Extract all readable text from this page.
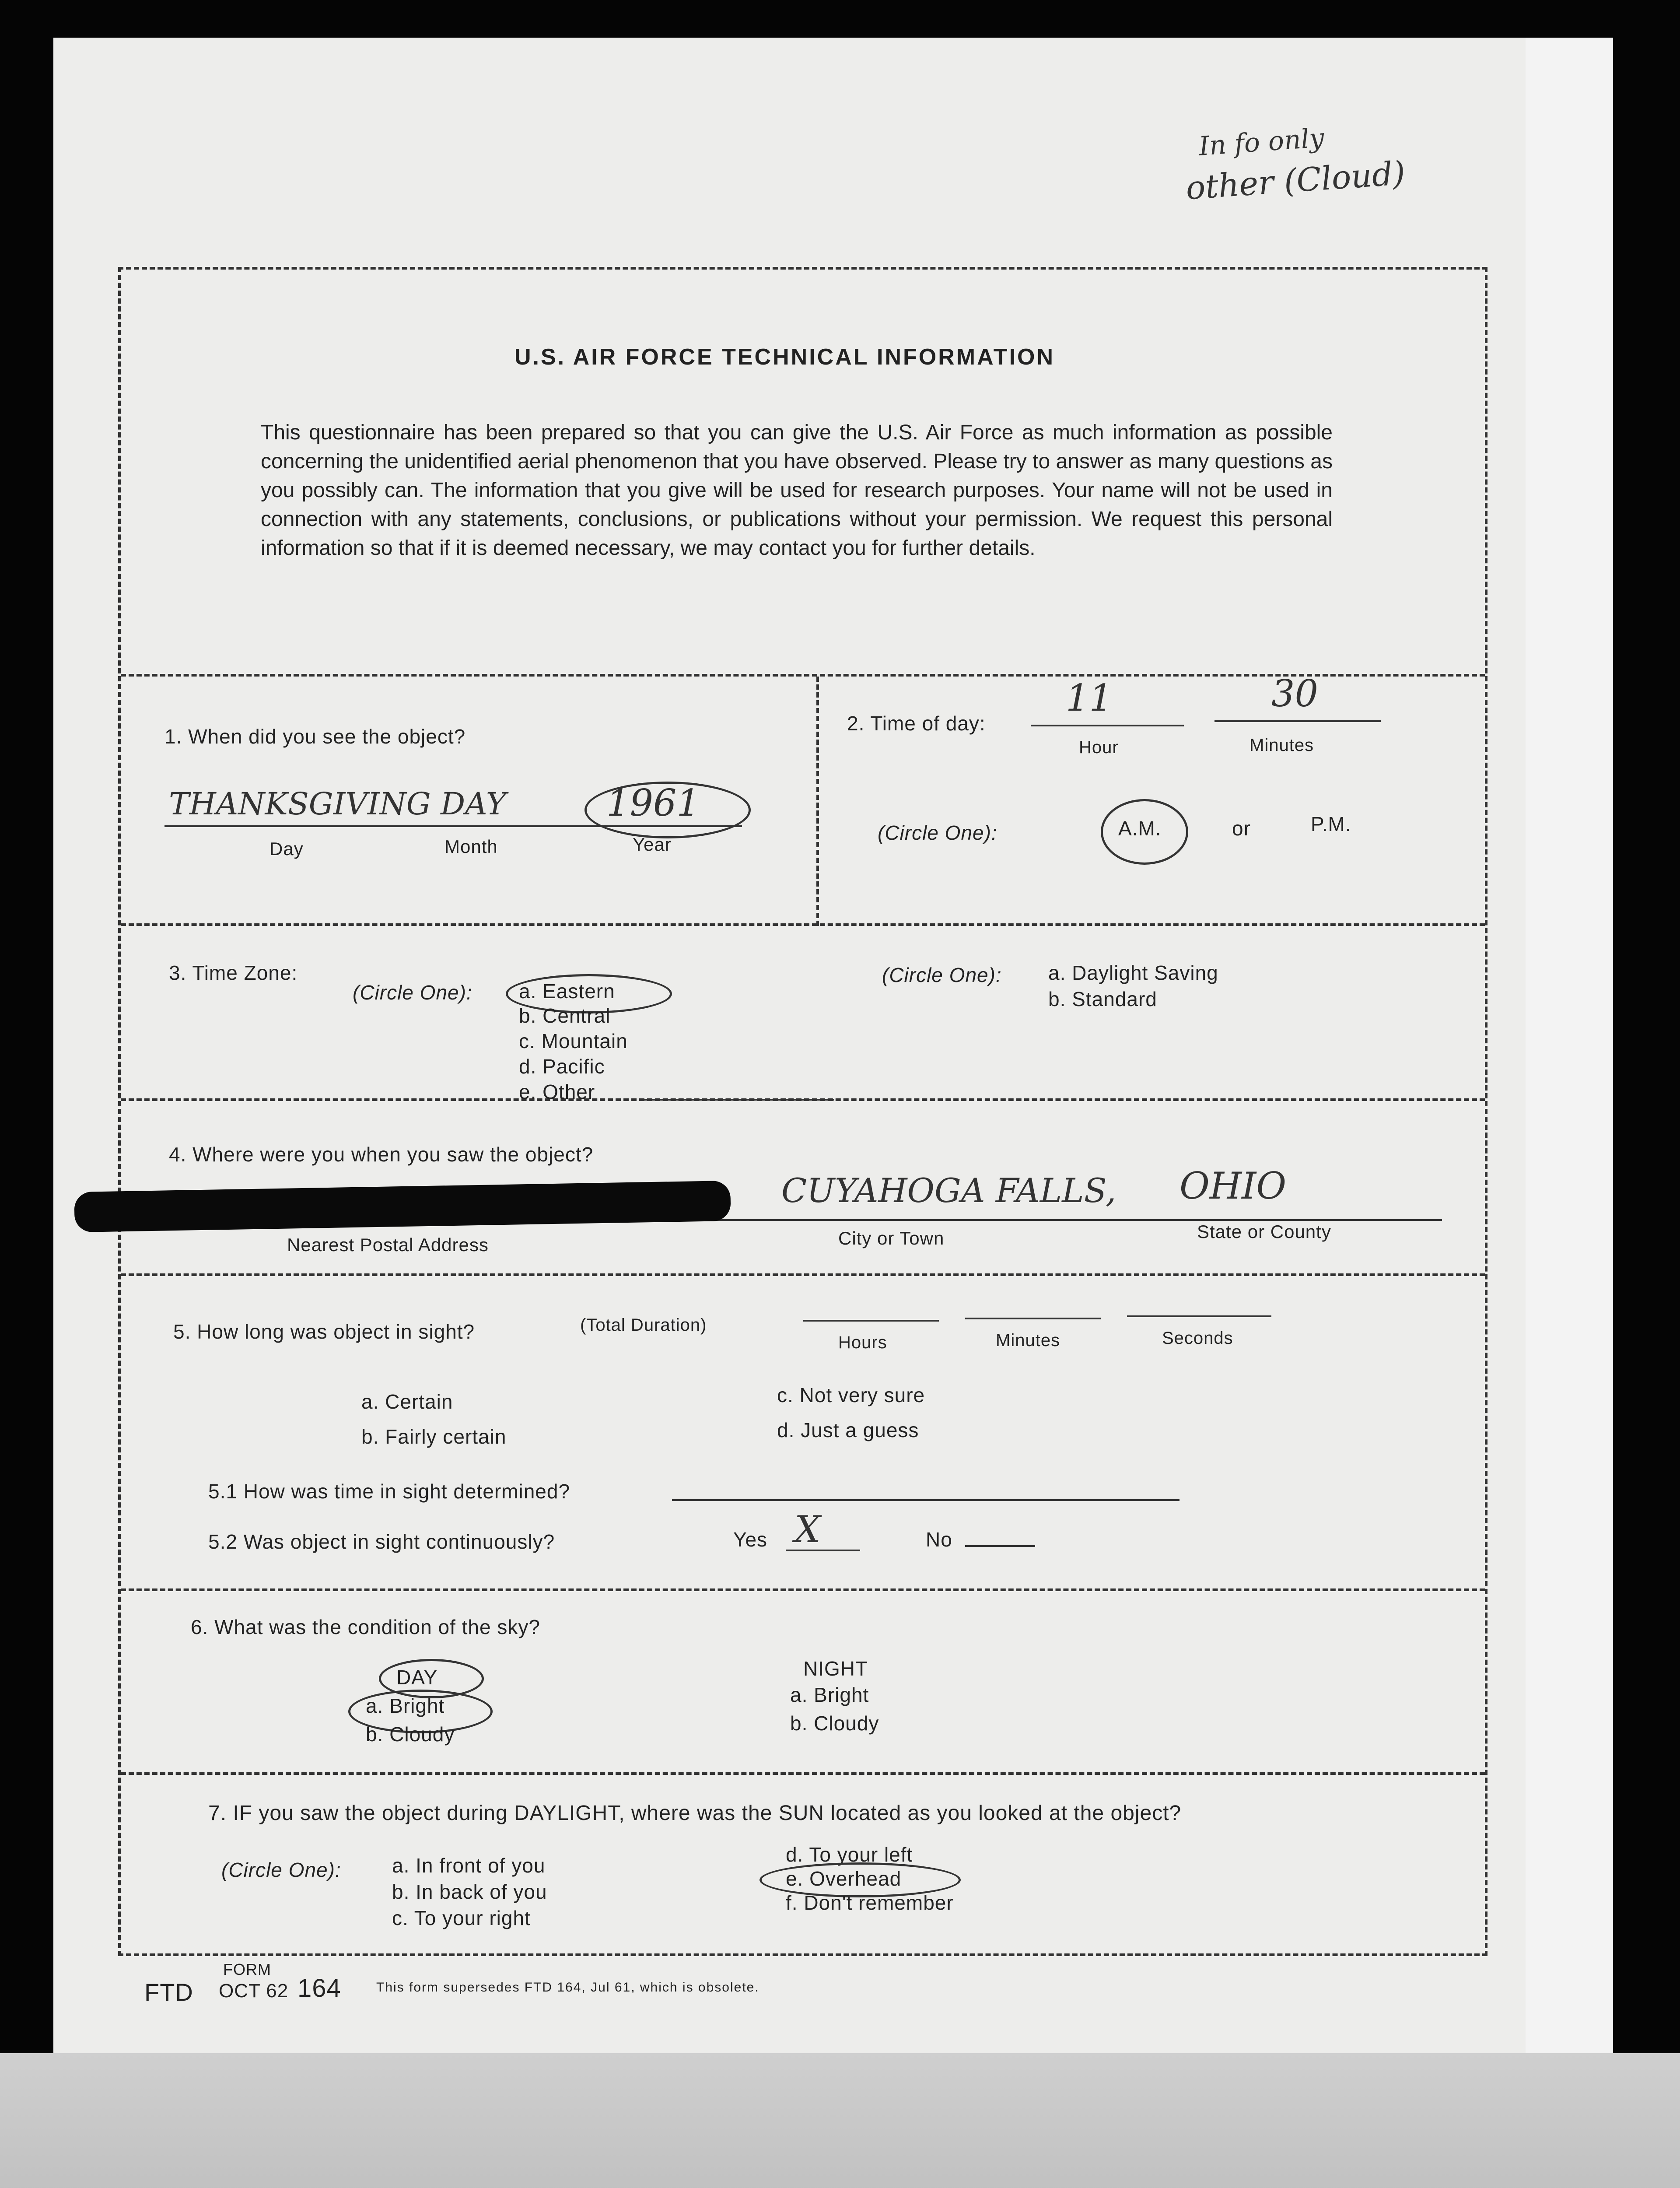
In fo only
other (Cloud)
U.S. AIR FORCE TECHNICAL INFORMATION
This questionnaire has been prepared so that you can give the U.S. Air Force as much information as possible concerning the unidentified aerial phenomenon that you have observed. Please try to answer as many questions as you possibly can. The information that you give will be used for research purposes. Your name will not be used in connection with any statements, conclusions, or publications without your permission. We request this personal information so that if it is deemed necessary, we may contact you for further details.
1. When did you see the object?
THANKSGIVING DAY	1961
Day	Month	Year
2. Time of day:
11	30
Hour	Minutes
(Circle One):	A.M.	or	P.M.
3. Time Zone:
(Circle One): a. Eastern
b. Central
c. Mountain
d. Pacific
e. Other
(Circle One): a. Daylight Saving
b. Standard
4. Where were you when you saw the object?
CUYAHOGA FALLS, OHIO
Nearest Postal Address	City or Town	State or County
5. How long was object in sight?	(Total Duration)
Hours	Minutes	Seconds
a. Certain
b. Fairly certain
c. Not very sure
d. Just a guess
5.1 How was time in sight determined?
5.2 Was object in sight continuously?	Yes X	No
6. What was the condition of the sky?
DAY
a. Bright
b. Cloudy
NIGHT
a. Bright
b. Cloudy
7. IF you saw the object during DAYLIGHT, where was the SUN located as you looked at the object?
(Circle One):	a. In front of you
b. In back of you
c. To your right
d. To your left
e. Overhead
f. Don't remember
FTD
FORM
OCT 62 164	This form supersedes FTD 164, Jul 61, which is obsolete.
